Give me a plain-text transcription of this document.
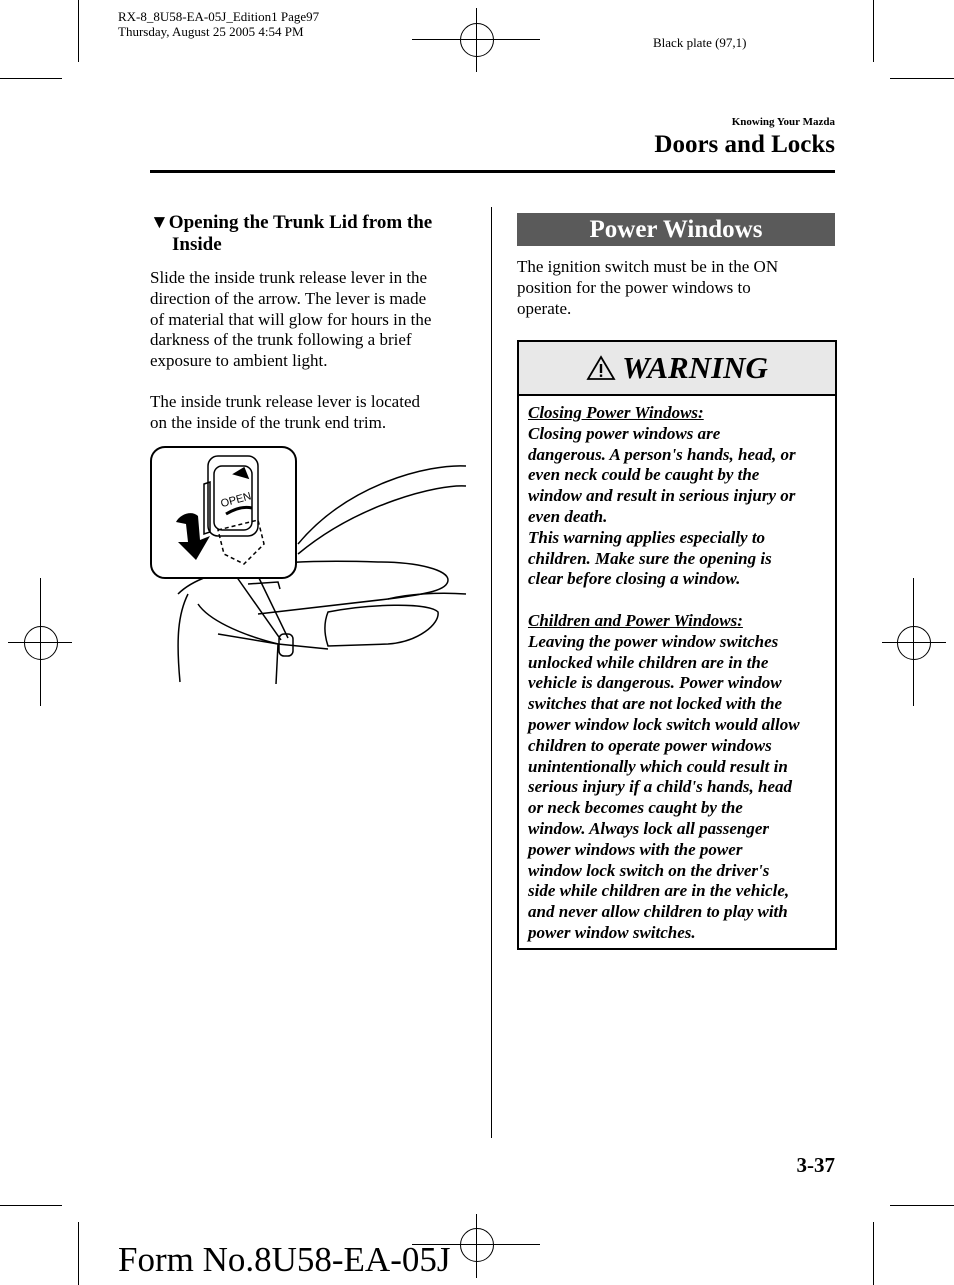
RX-8_8U58-EA-05J_Edition1 Page97
Thursday, August 25 2005 4:54 PM
Black plate (97,1)
Knowing Your Mazda
Doors and Locks
▼Opening the Trunk Lid from the
Inside
Slide the inside trunk release lever in the
direction of the arrow. The lever is made
of material that will glow for hours in the
darkness of the trunk following a brief
exposure to ambient light.
The inside trunk release lever is located
on the inside of the trunk end trim.
OPEN
Power Windows
The ignition switch must be in the ON
position for the power windows to
operate.
WARNING

Closing Power Windows:

Closing power windows are

dangerous. A person's hands, head, or

even neck could be caught by the

window and result in serious injury or

even death.

This warning applies especially to

children. Make sure the opening is

clear before closing a window.

Children and Power Windows:

Leaving the power window switches

unlocked while children are in the

vehicle is dangerous. Power window

switches that are not locked with the

power window lock switch would allow

children to operate power windows

unintentionally which could result in

serious injury if a child's hands, head

or neck becomes caught by the

window. Always lock all passenger

power windows with the power

window lock switch on the driver's

side while children are in the vehicle,

and never allow children to play with

power window switches.

3-37
Form No.8U58-EA-05J
